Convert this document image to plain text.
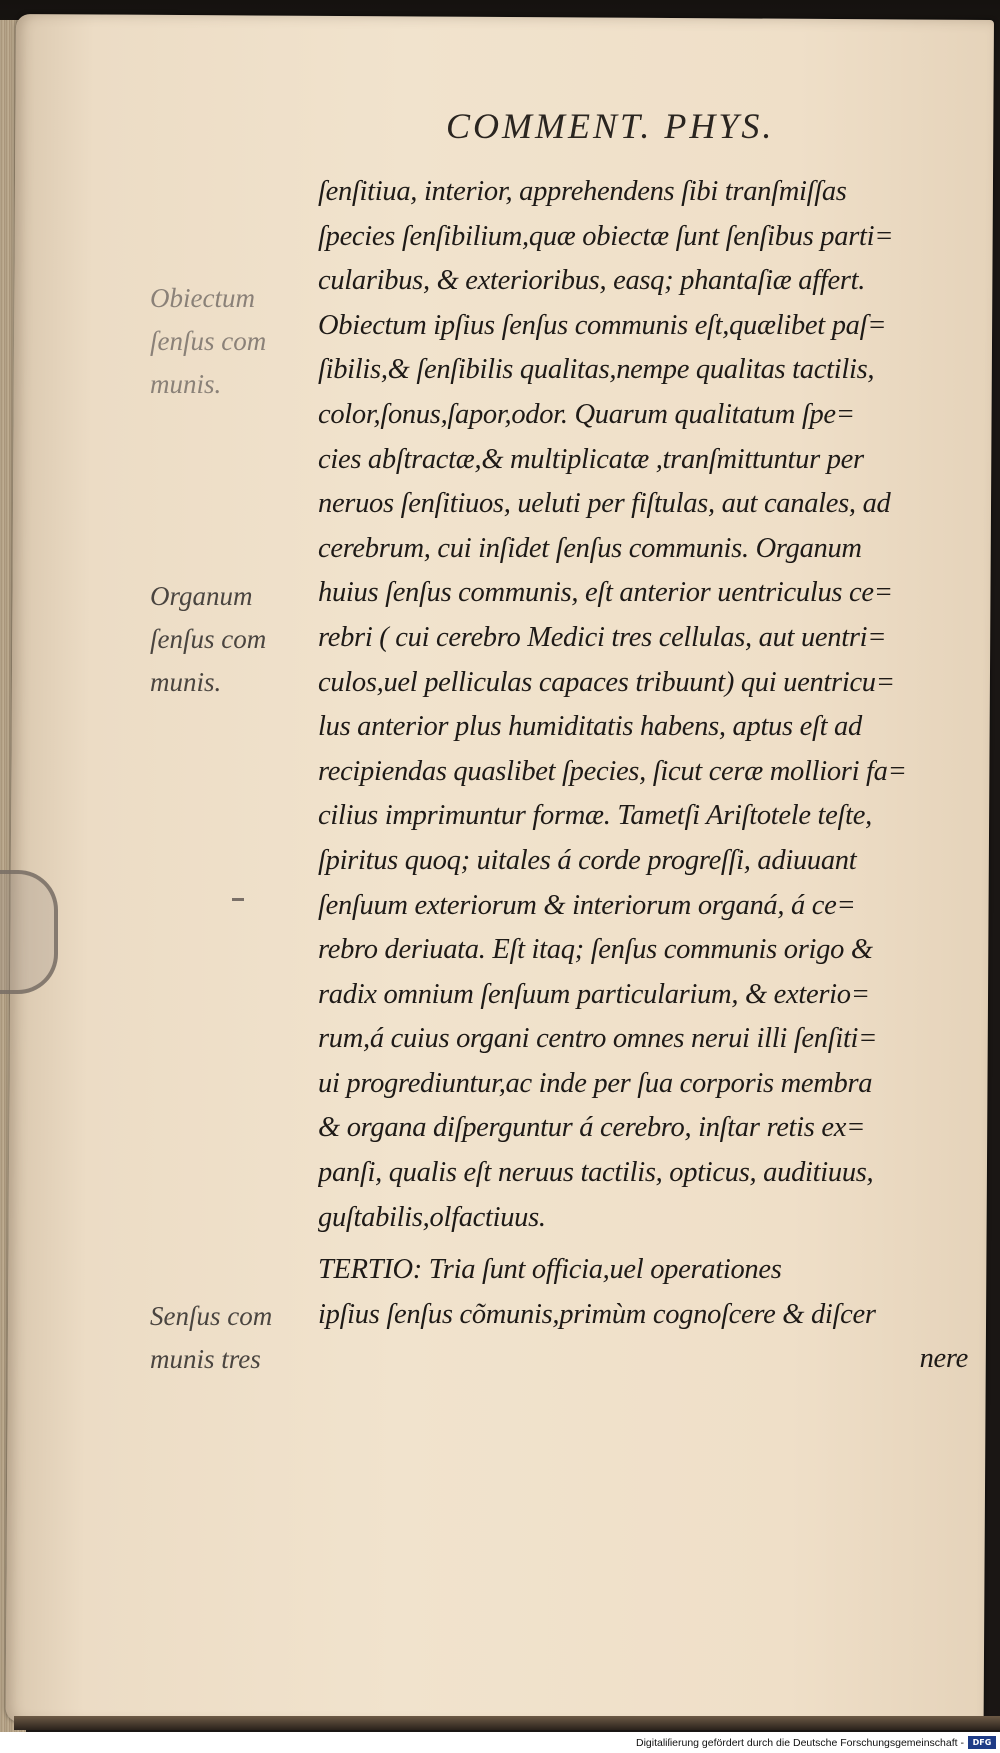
COMMENT. PHYS.
Obiectum
ſenſus com
munis.
Organum
ſenſus com
munis.
Senſus com
munis tres
ſenſitiua, interior, apprehendens ſibi tranſmiſſas
ſpecies ſenſibilium,quæ obiectæ ſunt ſenſibus parti=
cularibus, & exterioribus, easq; phantaſiæ affert.
Obiectum ipſius ſenſus communis eſt,quælibet paſ=
ſibilis,& ſenſibilis qualitas,nempe qualitas tactilis,
color,ſonus,ſapor,odor. Quarum qualitatum ſpe=
cies abſtractæ,& multiplicatæ ,tranſmittuntur per
neruos ſenſitiuos, ueluti per fiſtulas, aut canales, ad
cerebrum, cui inſidet ſenſus communis. Organum
huius ſenſus communis, eſt anterior uentriculus ce=
rebri ( cui cerebro Medici tres cellulas, aut uentri=
culos,uel pelliculas capaces tribuunt) qui uentricu=
lus anterior plus humiditatis habens, aptus eſt ad
recipiendas quaslibet ſpecies, ſicut ceræ molliori fa=
cilius imprimuntur formæ. Tametſi Ariſtotele teſte,
ſpiritus quoq; uitales á corde progreſſi, adiuuant
ſenſuum exteriorum & interiorum organá, á ce=
rebro deriuata. Eſt itaq; ſenſus communis origo &
radix omnium ſenſuum particularium, & exterio=
rum,á cuius organi centro omnes nerui illi ſenſiti=
ui progrediuntur,ac inde per ſua corporis membra
& organa diſperguntur á cerebro, inſtar retis ex=
panſi, qualis eſt neruus tactilis, opticus, auditiuus,
guſtabilis,olfactiuus.
TERTIO: Tria ſunt officia,uel operationes
ipſius ſenſus cõmunis,primùm cognoſcere & diſcer
nere
Digitaliſierung gefördert durch die Deutsche Forschungsgemeinschaft -	DFG
